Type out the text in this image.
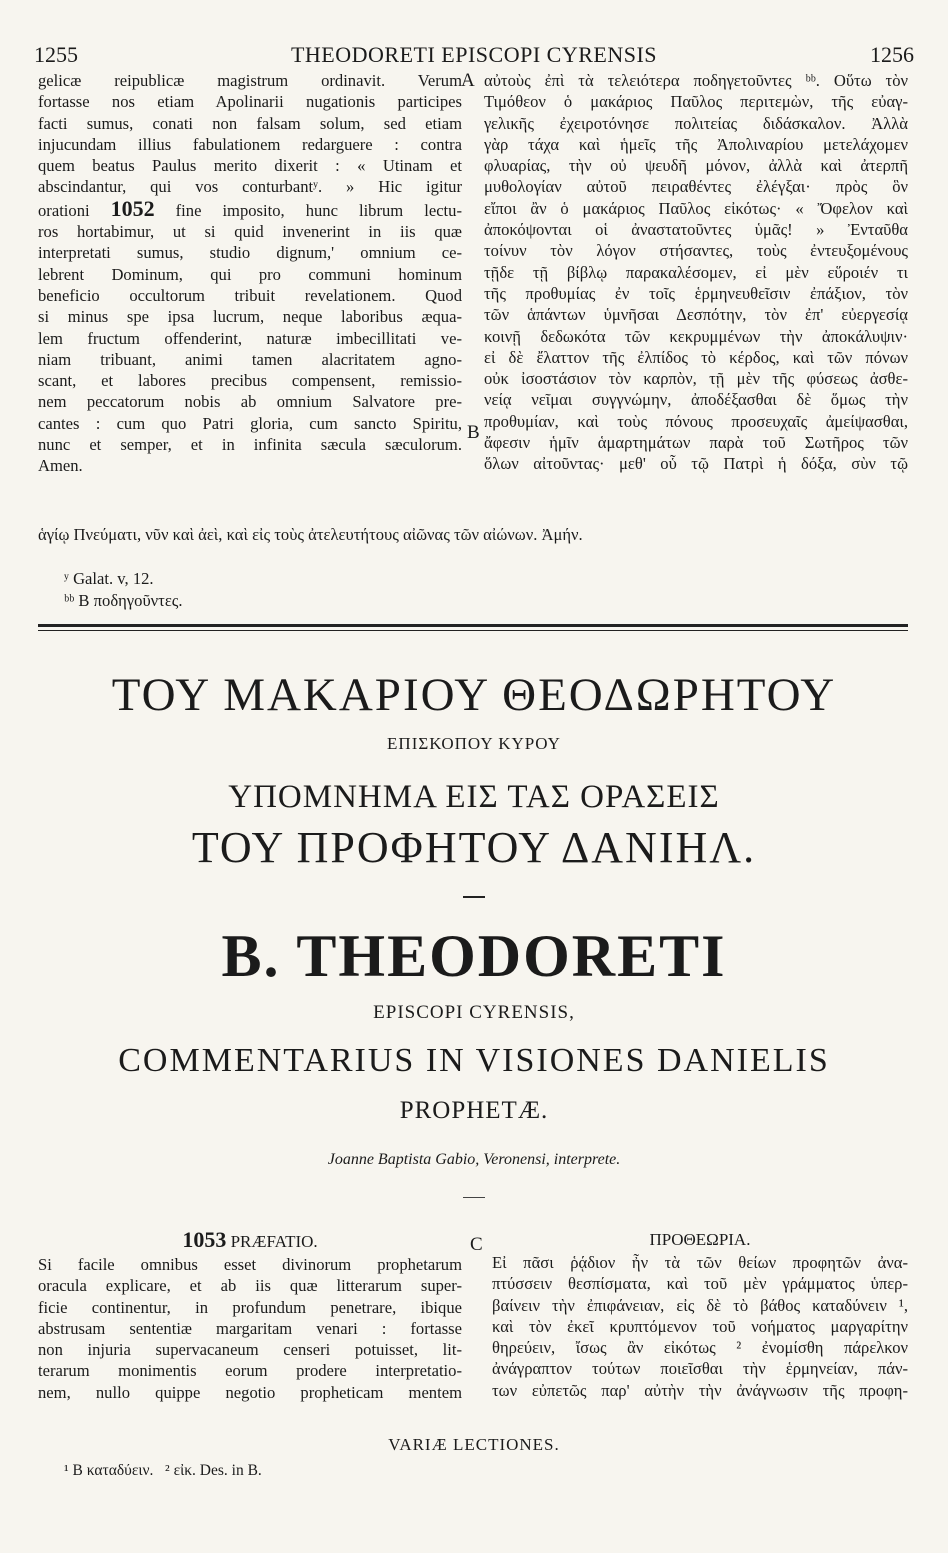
1255	THEODORETI EPISCOPI CYRENSIS	1256
gelicæ reipublicæ magistrum ordinavit. Verum
fortasse nos etiam Apolinarii nugationis participes
facti sumus, conati non falsam solum, sed etiam
injucundam illius fabulationem redarguere : contra
quem beatus Paulus merito dixerit : « Utinam et
abscindantur, qui vos conturbantʸ. » Hic igitur
orationi 1052 fine imposito, hunc librum lectu-
ros hortabimur, ut si quid invenerint in iis quæ
interpretati sumus, studio dignum,' omnium ce-
lebrent Dominum, qui pro communi hominum
beneficio occultorum tribuit revelationem. Quod
si minus spe ipsa lucrum, neque laboribus æqua-
lem fructum offenderint, naturæ imbecillitati ve-
niam tribuant, animi tamen alacritatem agno-
scant, et labores precibus compensent, remissio-
nem peccatorum nobis ab omnium Salvatore pre-
cantes : cum quo Patri gloria, cum sancto Spiritu,
nunc et semper, et in infinita sæcula sæculorum.
Amen.
A
B
αὐτοὺς ἐπὶ τὰ τελειότερα ποδηγετοῦντες ᵇᵇ. Οὕτω τὸν
Τιμόθεον ὁ μακάριος Παῦλος περιτεμὼν, τῆς εὐαγ-
γελικῆς ἐχειροτόνησε πολιτείας διδάσκαλον. Ἀλλὰ
γὰρ τάχα καὶ ἡμεῖς τῆς Ἀπολιναρίου μετελάχομεν
φλυαρίας, τὴν οὐ ψευδῆ μόνον, ἀλλὰ καὶ ἀτερπῆ
μυθολογίαν αὐτοῦ πειραθέντες ἐλέγξαι· πρὸς ὃν
εἴποι ἂν ὁ μακάριος Παῦλος εἰκότως· « Ὄφελον καὶ
ἀποκόψονται οἱ ἀναστατοῦντες ὑμᾶς! » Ἐνταῦθα
τοίνυν τὸν λόγον στήσαντες, τοὺς ἐντευξομένους
τῇδε τῇ βίβλῳ παρακαλέσομεν, εἰ μὲν εὕροιέν τι
τῆς προθυμίας ἐν τοῖς ἑρμηνευθεῖσιν ἐπάξιον, τὸν
τῶν ἁπάντων ὑμνῆσαι Δεσπότην, τὸν ἐπ' εὐεργεσίᾳ
κοινῇ δεδωκότα τῶν κεκρυμμένων τὴν ἀποκάλυψιν·
εἰ δὲ ἔλαττον τῆς ἐλπίδος τὸ κέρδος, καὶ τῶν πόνων
οὐκ ἰσοστάσιον τὸν καρπὸν, τῇ μὲν τῆς φύσεως ἀσθε-
νείᾳ νεῖμαι συγγνώμην, ἀποδέξασθαι δὲ ὅμως τὴν
προθυμίαν, καὶ τοὺς πόνους προσευχαῖς ἀμείψασθαι,
ἄφεσιν ἡμῖν ἁμαρτημάτων παρὰ τοῦ Σωτῆρος τῶν
ὅλων αἰτοῦντας· μεθ' οὗ τῷ Πατρὶ ἡ δόξα, σὺν τῷ
ἁγίῳ Πνεύματι, νῦν καὶ ἀεὶ, καὶ εἰς τοὺς ἀτελευτήτους αἰῶνας τῶν αἰώνων. Ἀμήν.
ʸ Galat. v, 12.
ᵇᵇ B ποδηγοῦντες.
ΤΟΥ ΜΑΚΑΡΙΟΥ ΘΕΟΔΩΡΗΤΟΥ
ΕΠΙΣΚΟΠΟΥ ΚΥΡΟΥ
ΥΠΟΜΝΗΜΑ ΕΙΣ ΤΑΣ ΟΡΑΣΕΙΣ
ΤΟΥ ΠΡΟΦΗΤΟΥ ΔΑΝΙΗΛ.
B. THEODORETI
EPISCOPI CYRENSIS,
COMMENTARIUS IN VISIONES DANIELIS
PROPHETÆ.
Joanne Baptista Gabio, Veronensi, interprete.
1053 PRÆFATIO.
Si facile omnibus esset divinorum prophetarum
oracula explicare, et ab iis quæ litterarum super-
ficie continentur, in profundum penetrare, ibique
abstrusam sententiæ margaritam venari : fortasse
non injuria supervacaneum censeri potuisset, lit-
terarum monimentis eorum prodere interpretatio-
nem, nullo quippe negotio propheticam mentem
C	ΠΡΟΘΕΩΡΙΑ.
Εἰ πᾶσι ῥᾴδιον ἦν τὰ τῶν θείων προφητῶν ἀνα-
πτύσσειν θεσπίσματα, καὶ τοῦ μὲν γράμματος ὑπερ-
βαίνειν τὴν ἐπιφάνειαν, εἰς δὲ τὸ βάθος καταδύνειν ¹,
καὶ τὸν ἐκεῖ κρυπτόμενον τοῦ νοήματος μαργαρίτην
θηρεύειν, ἴσως ἂν εἰκότως ² ἐνομίσθη πάρελκον
ἀνάγραπτον τούτων ποιεῖσθαι τὴν ἑρμηνείαν, πάν-
των εὐπετῶς παρ' αὐτὴν τὴν ἀνάγνωσιν τῆς προφη-
VARIÆ LECTIONES.
¹ B καταδύειν.   ² εἰκ. Des. in B.
